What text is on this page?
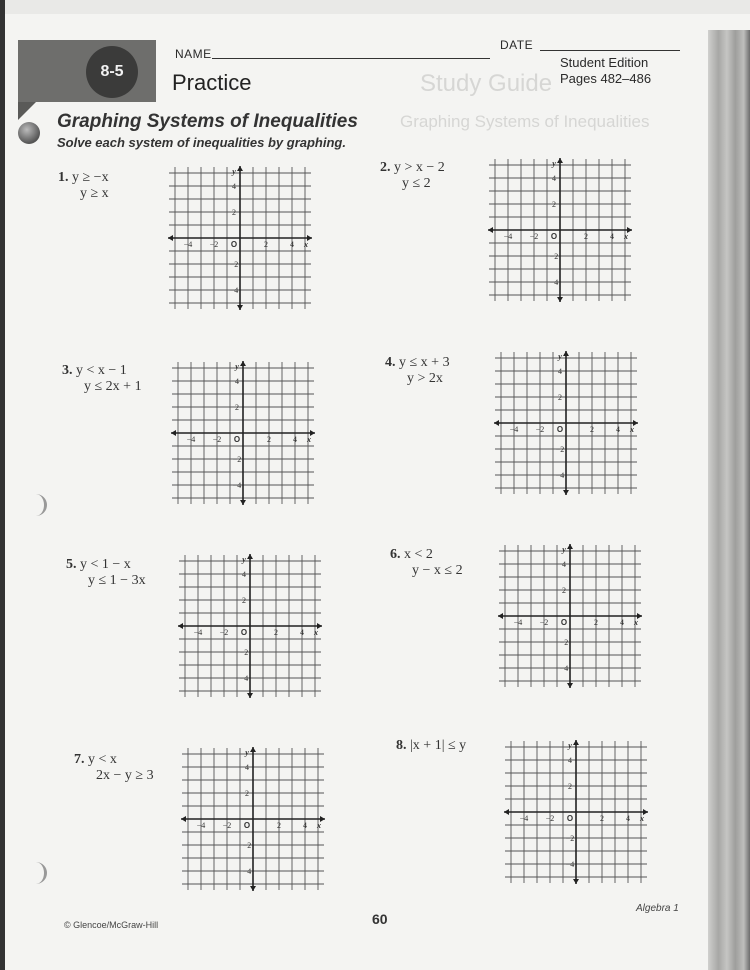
Study Guide
Graphing Systems of Inequalities
8-5
NAME
DATE
Practice
Student Edition
Pages 482–486
Graphing Systems of Inequalities
Solve each system of inequalities by graphing.
1. y ≥ −x
y ≥ x
2. y > x − 2
y ≤ 2
3. y < x − 1
y ≤ 2x + 1
4. y ≤ x + 3
y > 2x
5. y < 1 − x
y ≤ 1 − 3x
6. x < 2
y − x ≤ 2
7. y < x
2x − y ≥ 3
8. |x + 1| ≤ y
−4 −2	2	4
4
2
−2
−4
O	x
y
−4 −2	2	4
4
2
−2
−4
O	x
y
−4 −2	2	4
4
2
−2
−4
O	x
y
−4 −2	2	4
4
2
−2
−4
O	x
y
−4 −2	2	4
4
2
−2
−4
O	x
y
−4 −2	2	4
4
2
−2
−4
O	x
y
−4 −2	2	4
4
2
−2
−4
O	x
y
−4 −2	2	4
4
2
−2
−4
O	x
y
© Glencoe/McGraw-Hill	60
Algebra 1
